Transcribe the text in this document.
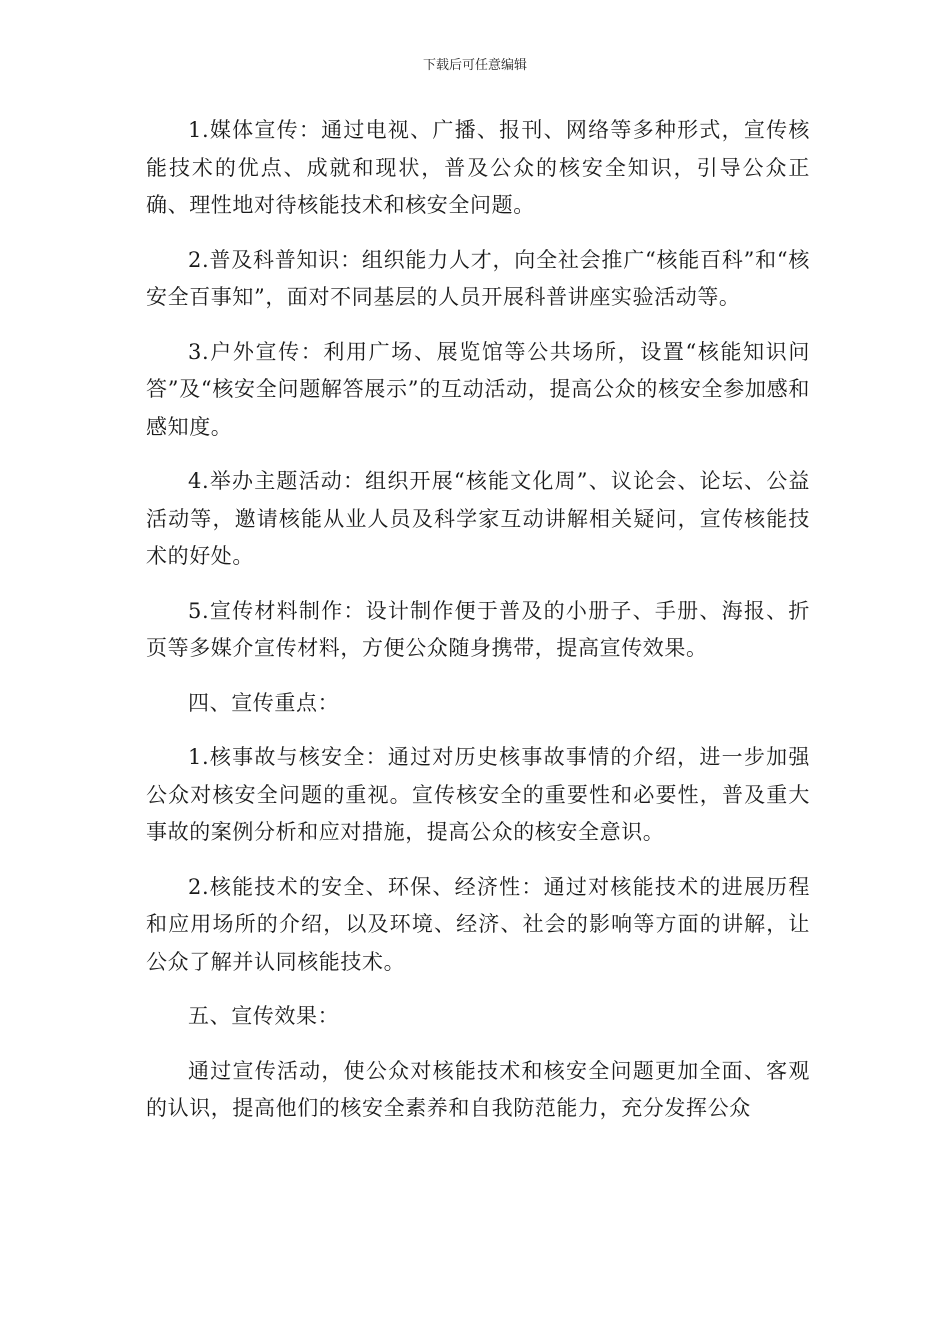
下载后可任意编辑

1.媒体宣传：通过电视、广播、报刊、网络等多种形式，宣传核能技术的优点、成就和现状，普及公众的核安全知识，引导公众正确、理性地对待核能技术和核安全问题。

2.普及科普知识：组织能力人才，向全社会推广“核能百科”和“核安全百事知”，面对不同基层的人员开展科普讲座实验活动等。

3.户外宣传：利用广场、展览馆等公共场所，设置“核能知识问答”及“核安全问题解答展示”的互动活动，提高公众的核安全参加感和感知度。

4.举办主题活动：组织开展“核能文化周”、议论会、论坛、公益活动等，邀请核能从业人员及科学家互动讲解相关疑问，宣传核能技术的好处。

5.宣传材料制作：设计制作便于普及的小册子、手册、海报、折页等多媒介宣传材料，方便公众随身携带，提高宣传效果。

四、宣传重点：

1.核事故与核安全：通过对历史核事故事情的介绍，进一步加强公众对核安全问题的重视。宣传核安全的重要性和必要性，普及重大事故的案例分析和应对措施，提高公众的核安全意识。

2.核能技术的安全、环保、经济性：通过对核能技术的进展历程和应用场所的介绍，以及环境、经济、社会的影响等方面的讲解，让公众了解并认同核能技术。

五、宣传效果：

通过宣传活动，使公众对核能技术和核安全问题更加全面、客观的认识，提高他们的核安全素养和自我防范能力，充分发挥公众
